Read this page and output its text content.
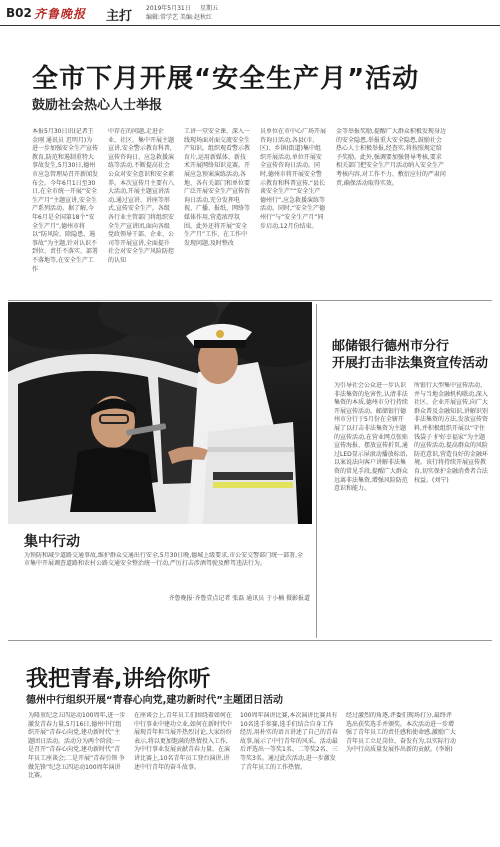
B02 齐鲁晚报 主打
2019年5月31日 星期五
编辑:常学艺 美编:赵秋红
全市下月开展“安全生产月”活动
鼓励社会热心人士举报
本报5月30日讯(记者王金刚 通讯员 迟明月)为进一步加强安全生产宣传教育,防范和遏制重特大事故发生,5月30日,德州市应急管理局召开新闻发布会。今年6月1日至30日,在全市统一开展“安全生产月”主题宣讲,安全生产系列活动。据了解,今年6月是全国第18个“安全生产月”,德州市将以“防风险、除隐患、遏事故”为主题,针对认识不到位、责任不落实、部署不落地等,在安全生产工作
中存在的问题,走进企业、社区、集中开展主题宣讲,安全警示教育科普,宣传咨询日、应急救援演练等活动,不断提高社会公众对安全意识和安全素养。本次宣传月主要有八大活动,开展主题宣讲活动,通过宣讲、讲座等形式,宣传安全生产。各级各行业主管部门将组织安全生产宣讲团,面向各级党政领导干部、企业、公司等开展宣讲,全面提升社会对安全生产风险防控的认知
工讲一堂安全课、深入一线现场面对面交流安全生产知识。组织观看警示教育片,运用新媒体、新技术开展网络知识竞赛。开展应急预案演练活动,各地、各有关部门和单位要广泛开展安全生产宣传咨询日活动,充分发挥电视、广播、报纸、网络等媒体作用,营造浓厚氛围。此外还将开展“安全生产月”工作、在工作中发现问题,及时整改
员单位在市中心广场开展咨询日活动,各县(市、区)、乡镇(街道)集中组织开展活动,单位开展安全宣传咨询日活动。同时,德州市将开展安全警示教育和科普宣传,“县长谈安全生产”“安全生产德州行”,应急救援演练等活动。同时,“安全生产德州行”与“安全生产月”同步启动,12月份结束。
金等举报奖励,提醒广大群众积极发现身边的安全隐患,举报重大安全隐患,鼓励社会热心人士积极举报,经查实,将按照规定给予奖励。此外,强调要加强督导考核,要求相关部门把安全生产月活动纳入安全生产考核内容,对工作不力、敷衍应付的严肃问责,确保活动取得实效。
集中行动
为预防和减少道路交通事故,维护群众交通出行安全,5月30日晚,德城上级要求,市公安交警部门统一部署,全市集中开展调查道路和农村公路交通安全整治统一行动,严厉打击涉酒驾驶及醉驾违法行为。
齐鲁晚报·齐鲁壹点记者 张磊 通讯员 于小楠 摄影报道
邮储银行德州市分行
开展打击非法集资宣传活动
为引导社会公众进一步认识非法集资的危害性,认清非法集资的本质,德州市分行持续开展宣传活动。邮储银行德州市分行于5月份在全辖开展了以打击非法集资为主题的宣传活动,在营业网点张贴宣传海报、摆放宣传折页,通过LED显示屏滚动播放标语,以案说法向客户讲解非法集资的常见手段,提醒广大群众远离非法集资,增强风险防范意识和能力。
所银行大型集中宣传活动、并与当地金融机构联动,深入社区、企业开展宣传,向广大群众普及金融知识,讲解识别非法集资的方法,发放宣传资料,并积极组织开展以“守住钱袋子 护好幸福家”为主题的宣传活动,提高群众的风险防范意识,营造良好的金融环境。该行将持续开展宣传教育,切实保护金融消费者合法权益。(刘宁)
我把青春,讲给你听
德州中行组织开展“青春心向党,建功新时代”主题团日活动
为隆重纪念五四运动100周年,进一步激发青春力量,5月16日,德州中行组织开展“青春心向党,建功新时代”主题团日活动。活动分为两个阶段:一是召开“青春心向党,建功新时代”青年员工座谈会;二是开展“青春引领 争做先锋”纪念五四运动100周年演讲比赛。
在座谈会上,青年员工们围绕着如何在中行事业中建功立业,如何在新时代中展现青年担当展开热烈讨论,大家纷纷表示,将以更加饱满的热情投入工作,为中行事业发展贡献青春力量。在演讲比赛上,10名青年员工登台演讲,讲述中行青年的奋斗故事。
100周年演讲比赛,本次演讲比赛共有10名选手参赛,选手们结合自身工作经历,用朴实的语言讲述了自己的青春故事,展示了中行青年的风采。活动最后评选出一等奖1名、二等奖2名、三等奖3名。通过此次活动,进一步激发了青年员工的工作热情。
经过激烈的角逐,评委们现场打分,最终评选出获奖选手并颁奖。本次活动进一步增强了青年员工的责任感和使命感,激励广大青年员工立足岗位、奋发有为,以实际行动为中行高质量发展作出新的贡献。(李娟)
